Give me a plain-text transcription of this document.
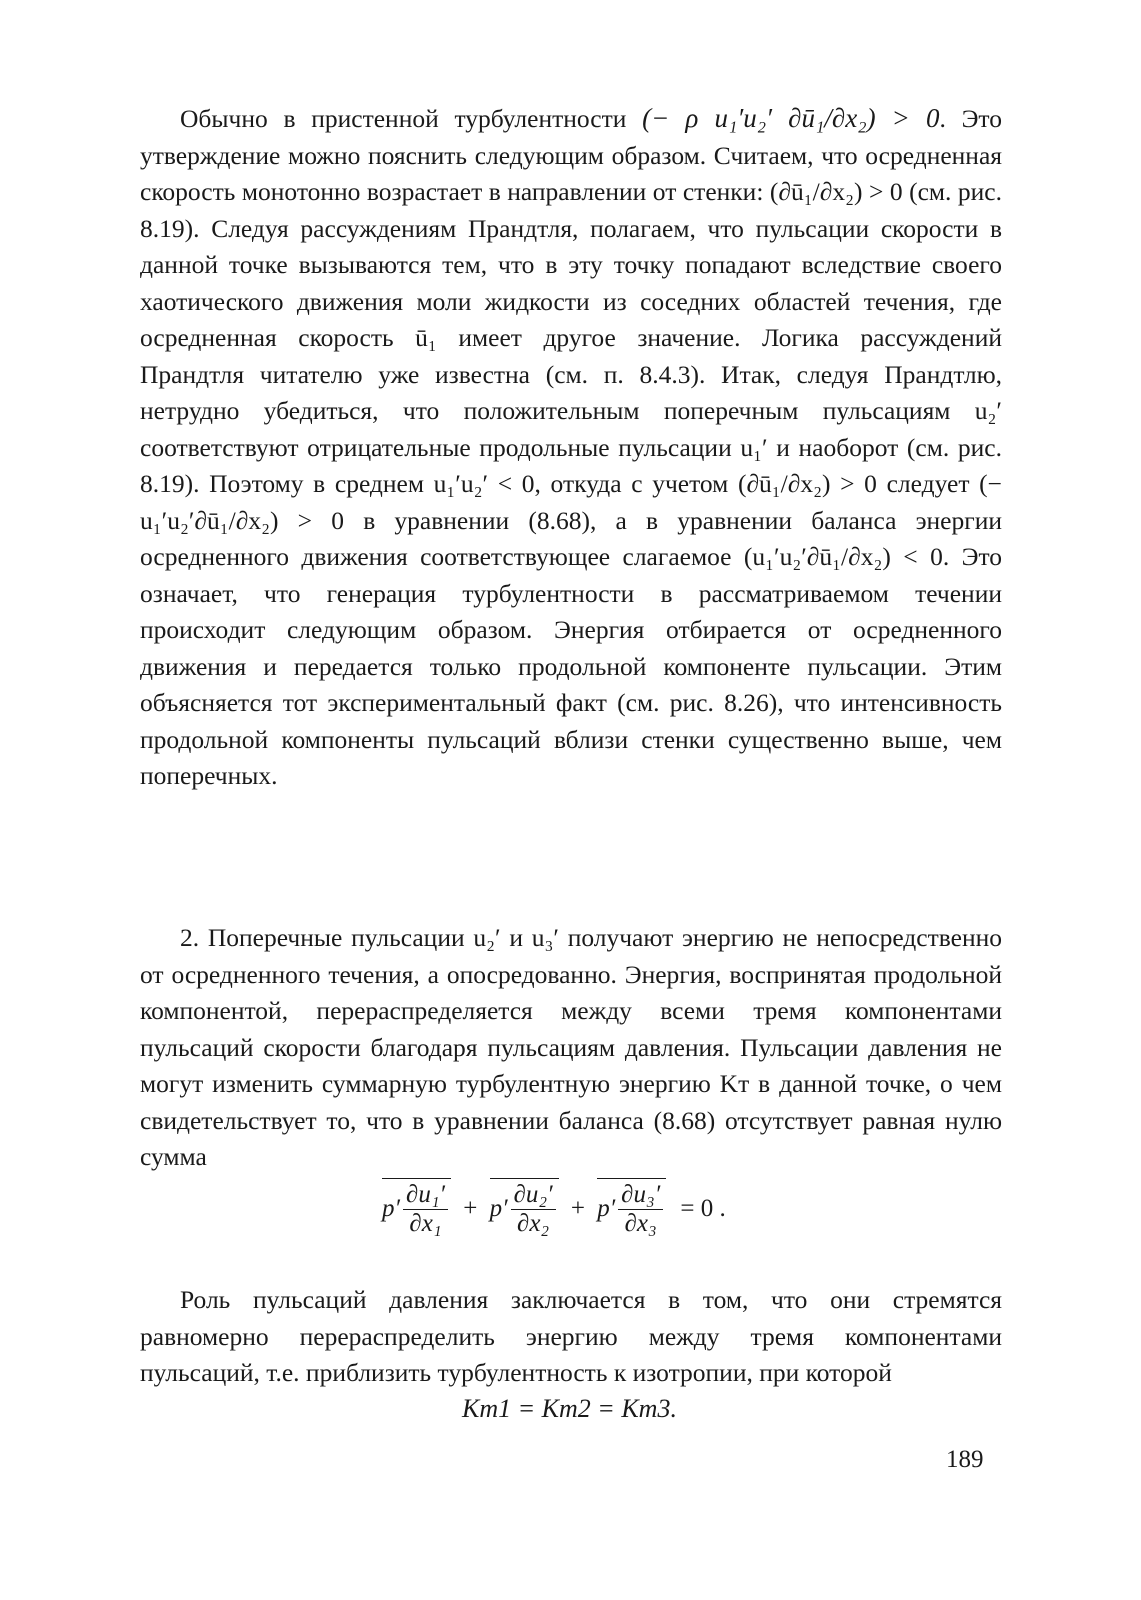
Обычно в пристенной турбулентности (− ρ u₁′u₂′ ∂ū₁/∂x₂) > 0. Это утверждение можно пояснить следующим образом. Считаем, что осредненная скорость монотонно возрастает в направлении от стенки: (∂ū₁/∂x₂) > 0 (см. рис. 8.19). Следуя рассуждениям Прандтля, полагаем, что пульсации скорости в данной точке вызываются тем, что в эту точку попадают вследствие своего хаотического движения моли жидкости из соседних областей течения, где осредненная скорость ū₁ имеет другое значение. Логика рассуждений Прандтля читателю уже известна (см. п. 8.4.3). Итак, следуя Прандтлю, нетрудно убедиться, что положительным поперечным пульсациям u₂′ соответствуют отрицательные продольные пульсации u₁′ и наоборот (см. рис. 8.19). Поэтому в среднем u₁′u₂′ < 0, откуда с учетом (∂ū₁/∂x₂) > 0 следует (− u₁′u₂′∂ū₁/∂x₂) > 0 в уравнении (8.68), а в уравнении баланса энергии осредненного движения соответствующее слагаемое (u₁′u₂′∂ū₁/∂x₂) < 0. Это означает, что генерация турбулентности в рассматриваемом течении происходит следующим образом. Энергия отбирается от осредненного движения и передается только продольной компоненте пульсации. Этим объясняется тот экспериментальный факт (см. рис. 8.26), что интенсивность продольной компоненты пульсаций вблизи стенки существенно выше, чем поперечных.

2. Поперечные пульсации u₂′ и u₃′ получают энергию не непосредственно от осредненного течения, а опосредованно. Энергия, воспринятая продольной компонентой, перераспределяется между всеми тремя компонентами пульсаций скорости благодаря пульсациям давления. Пульсации давления не могут изменить суммарную турбулентную энергию Kт в данной точке, о чем свидетельствует то, что в уравнении баланса (8.68) отсутствует равная нулю сумма

$p' \frac{\text{∂u₁′}}{\text{∂x₁}} + p' \frac{\text{∂u₂′}}{\text{∂x₂}} + p' \frac{\text{∂u₃′}}{\text{∂x₃}} = 0$ .

Роль пульсаций давления заключается в том, что они стремятся равномерно перераспределить энергию между тремя компонентами пульсаций, т.е. приблизить турбулентность к изотропии, при которой

Kт1 = Kт2 = Kт3.
189
